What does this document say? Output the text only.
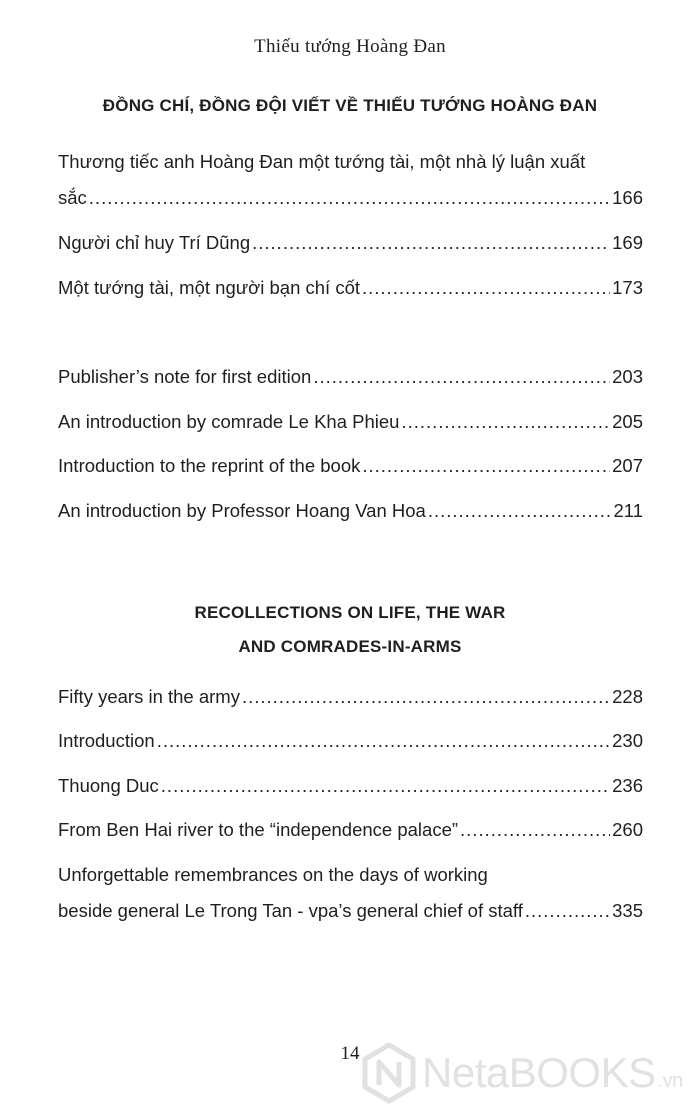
Thiếu tướng Hoàng Đan
ĐỒNG CHÍ, ĐỒNG ĐỘI VIẾT VỀ THIẾU TƯỚNG HOÀNG ĐAN
Thương tiếc anh Hoàng Đan một tướng tài, một nhà lý luận xuất
sắc .....	166
Người chỉ huy Trí Dũng .....	169
Một tướng tài, một người bạn chí cốt .....	173
Publisher’s note for first edition .....	203
An introduction by comrade Le Kha Phieu .....	205
Introduction to the reprint of the book .....	207
An introduction by Professor Hoang Van Hoa .....	211
RECOLLECTIONS ON LIFE, THE WAR
AND COMRADES-IN-ARMS
Fifty years in the army .....	228
Introduction .....	230
Thuong Duc .....	236
From Ben Hai river to the “independence palace” .....	260
Unforgettable remembrances on the days of working
beside general Le Trong Tan - vpa’s general chief of staff .....	335
14	NetaBOOKS .vn
